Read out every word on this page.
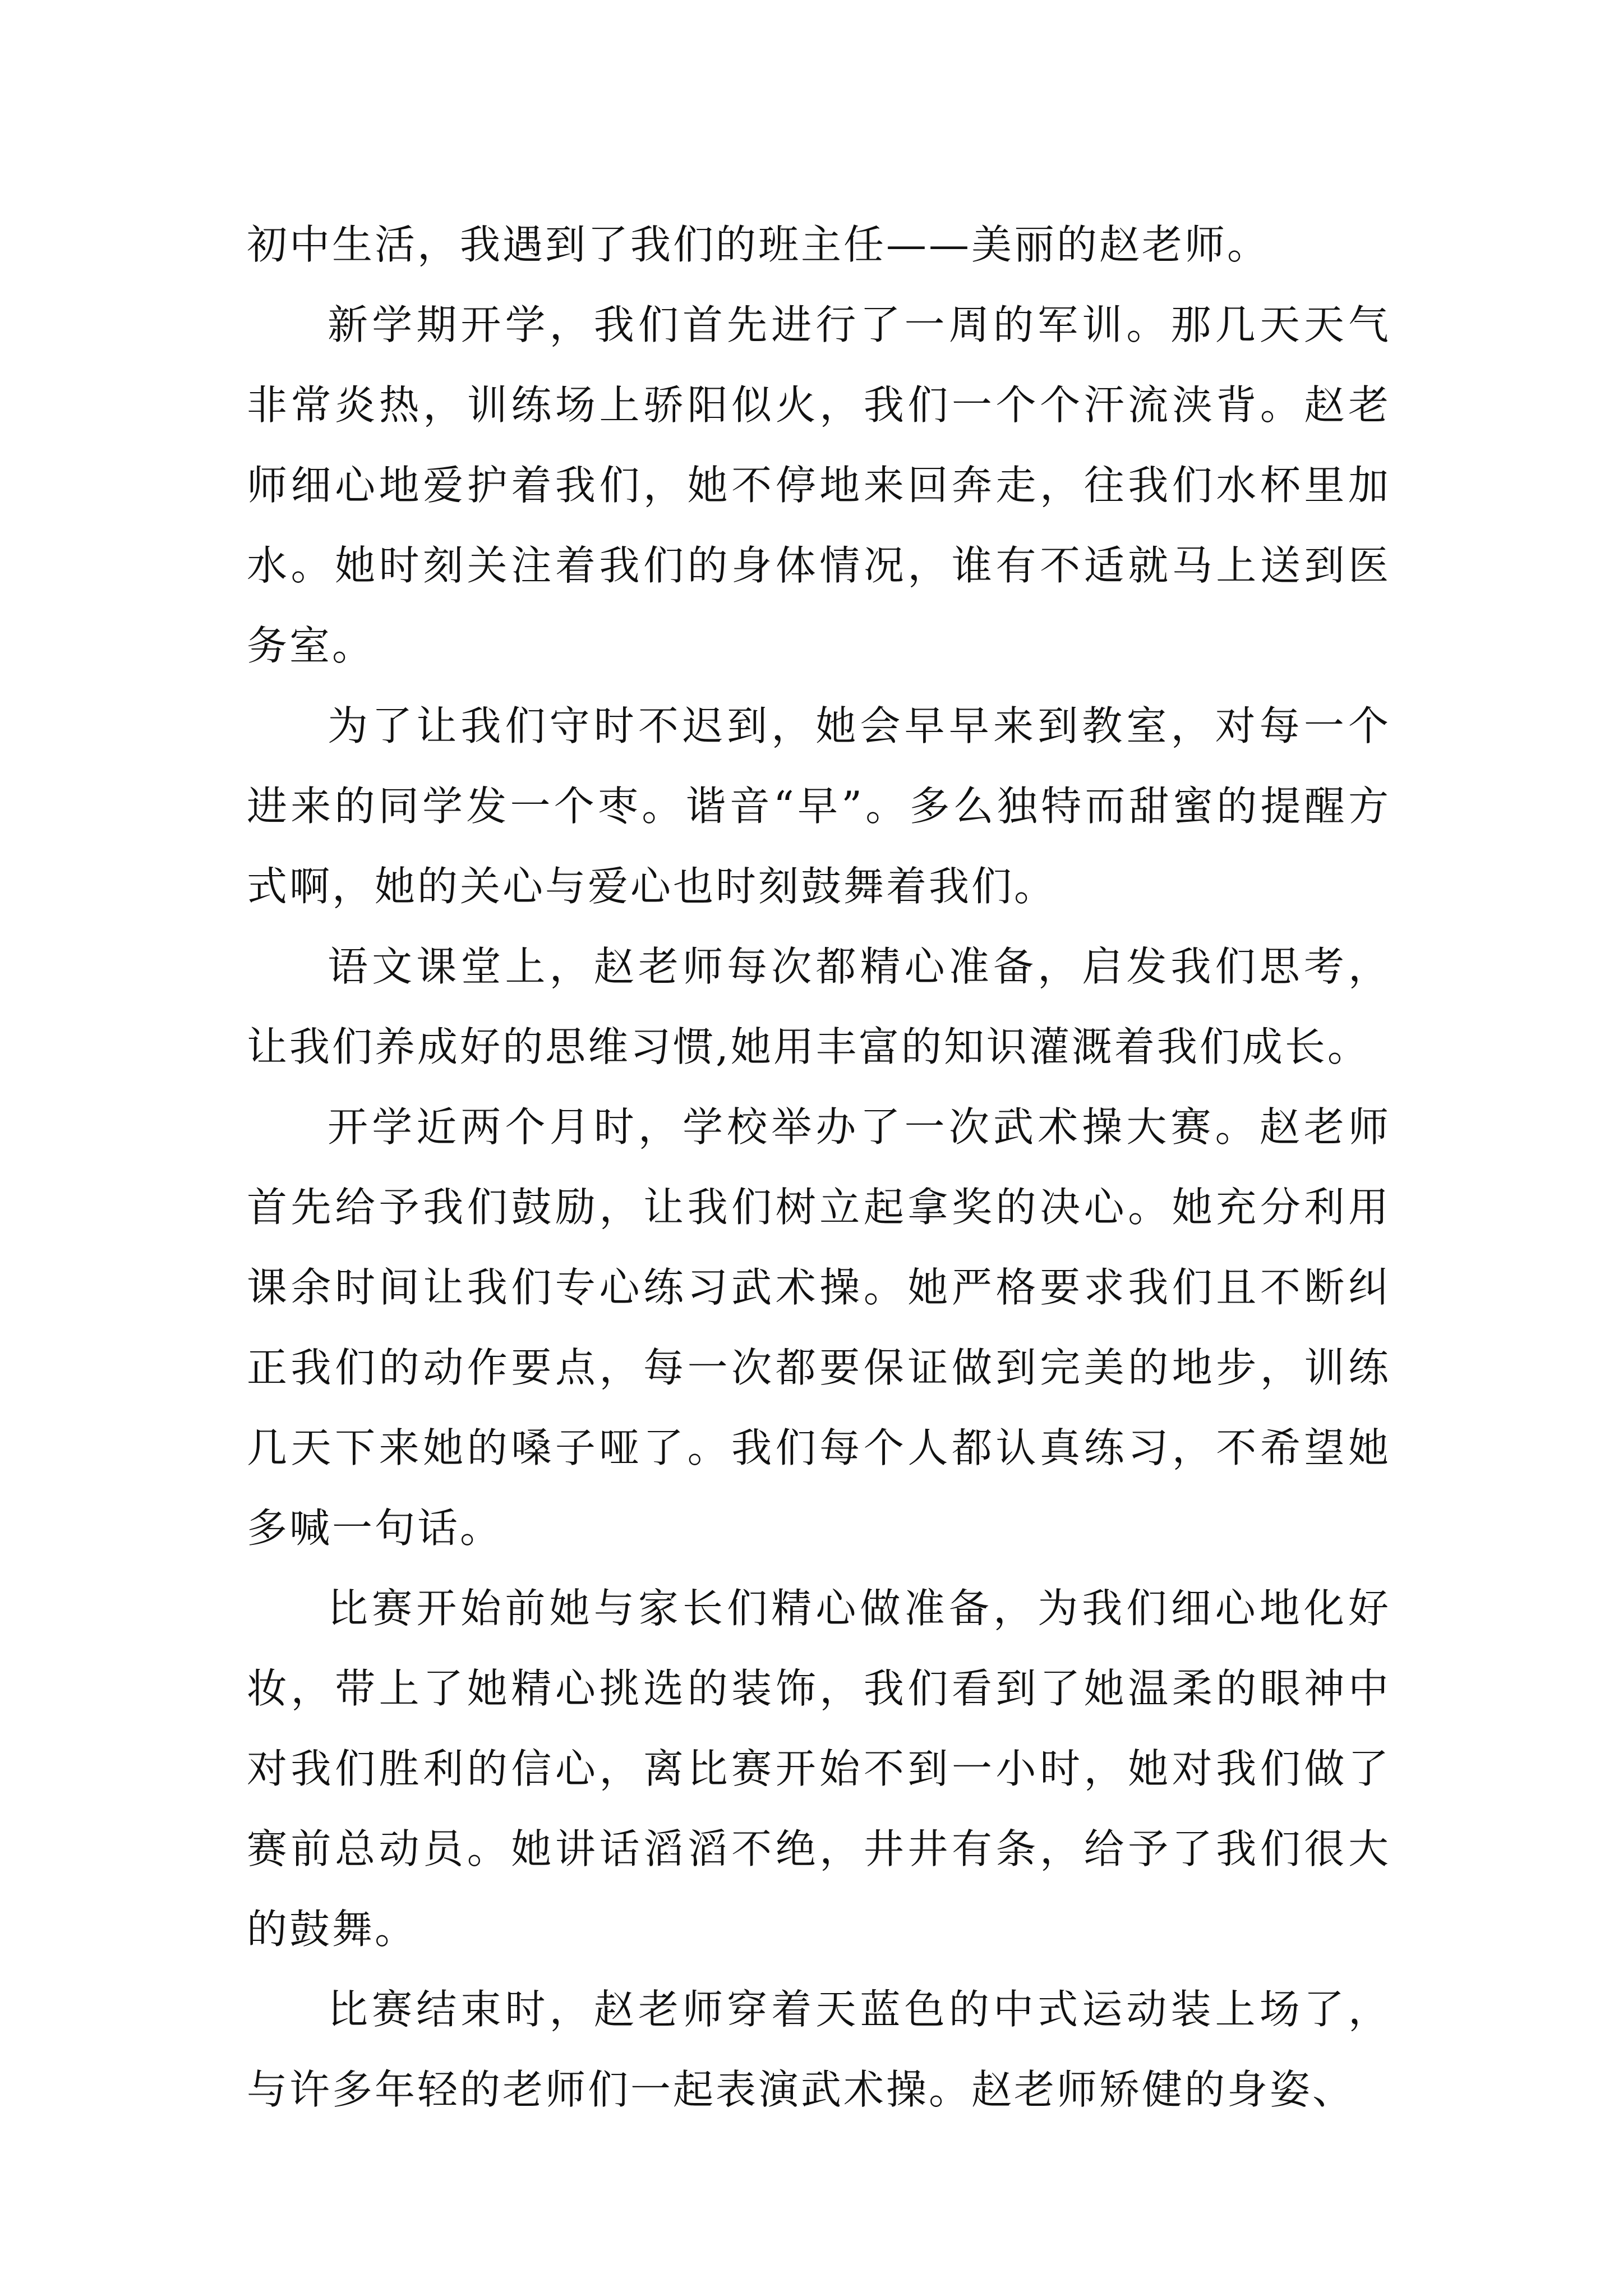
初中生活，我遇到了我们的班主任——美丽的赵老师。

新学期开学，我们首先进行了一周的军训。那几天天气非常炎热，训练场上骄阳似火，我们一个个汗流浃背。赵老师细心地爱护着我们，她不停地来回奔走，往我们水杯里加水。她时刻关注着我们的身体情况，谁有不适就马上送到医务室。

为了让我们守时不迟到，她会早早来到教室，对每一个进来的同学发一个枣。谐音“早”。多么独特而甜蜜的提醒方式啊，她的关心与爱心也时刻鼓舞着我们。

语文课堂上，赵老师每次都精心准备，启发我们思考，让我们养成好的思维习惯,她用丰富的知识灌溉着我们成长。

开学近两个月时，学校举办了一次武术操大赛。赵老师首先给予我们鼓励，让我们树立起拿奖的决心。她充分利用课余时间让我们专心练习武术操。她严格要求我们且不断纠正我们的动作要点，每一次都要保证做到完美的地步，训练几天下来她的嗓子哑了。我们每个人都认真练习，不希望她多喊一句话。

比赛开始前她与家长们精心做准备，为我们细心地化好妆，带上了她精心挑选的装饰，我们看到了她温柔的眼神中对我们胜利的信心，离比赛开始不到一小时，她对我们做了赛前总动员。她讲话滔滔不绝，井井有条，给予了我们很大的鼓舞。

比赛结束时，赵老师穿着天蓝色的中式运动装上场了，与许多年轻的老师们一起表演武术操。赵老师矫健的身姿、
